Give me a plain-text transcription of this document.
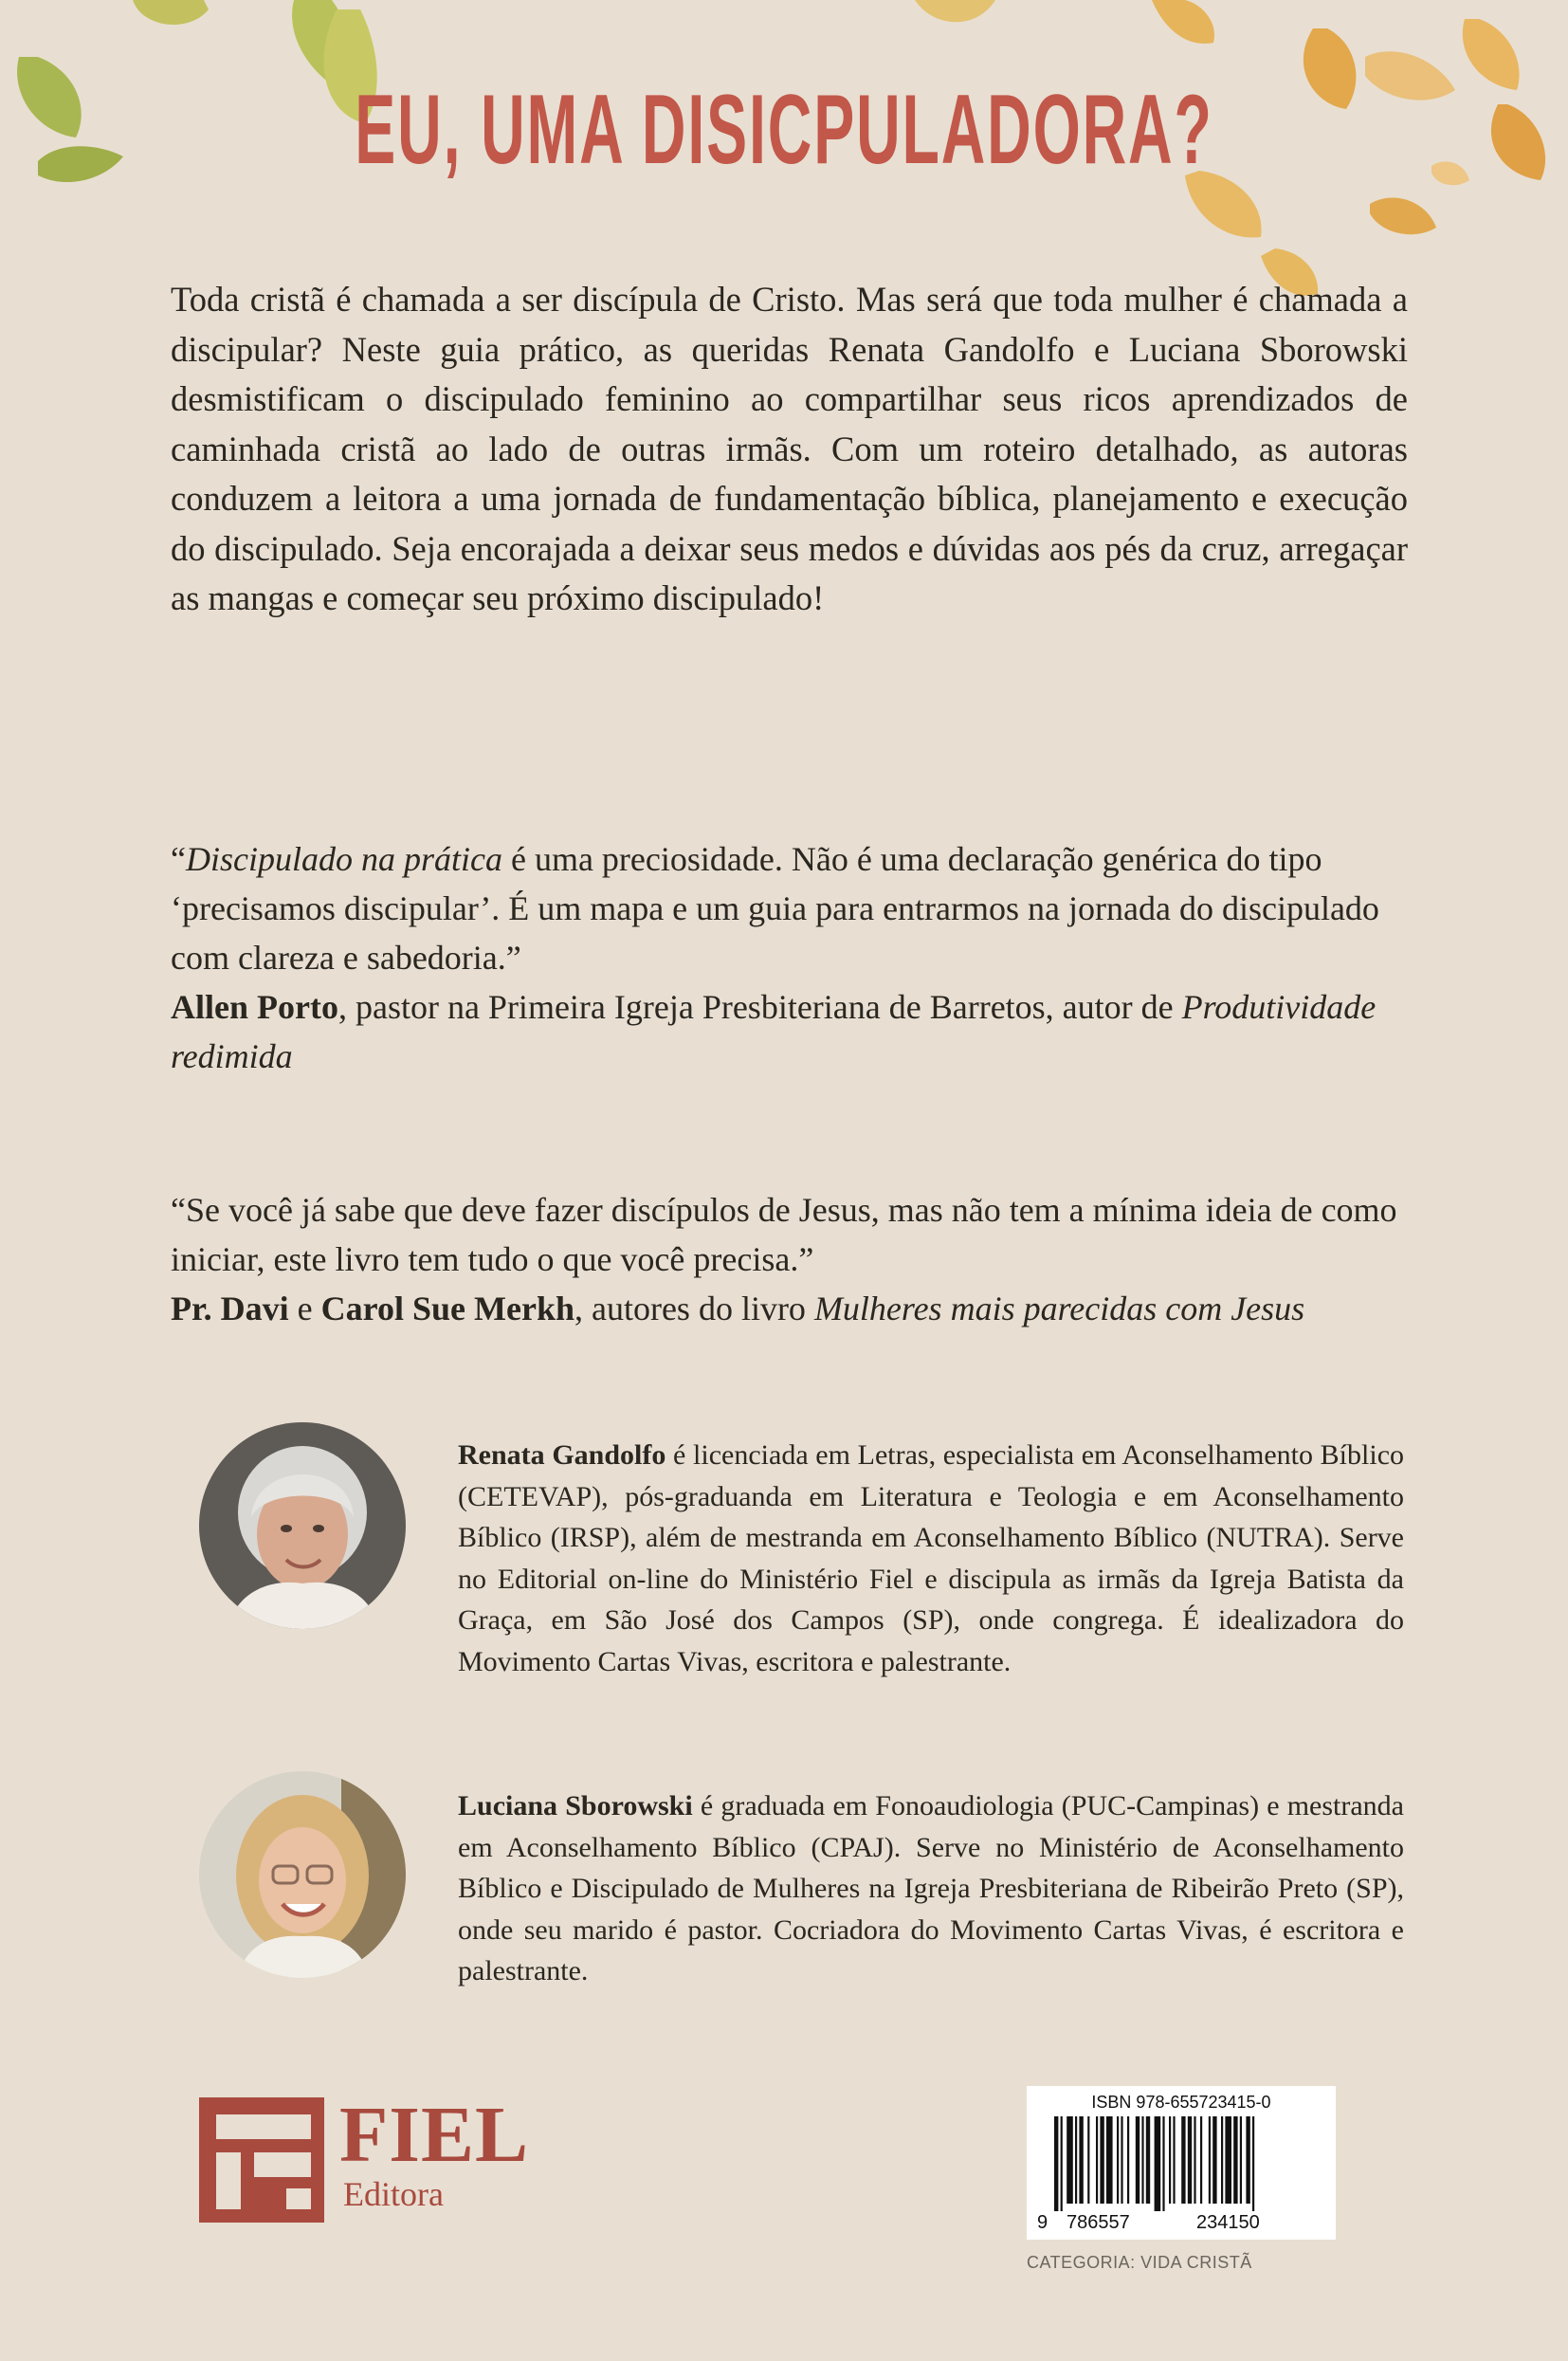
EU, UMA DISICPULADORA?

Toda cristã é chamada a ser discípula de Cristo. Mas será que toda mulher é chamada a discipular? Neste guia prático, as queridas Renata Gandolfo e Luciana Sborowski desmistificam o discipulado feminino ao compartilhar seus ricos aprendizados de caminhada cristã ao lado de outras irmãs. Com um roteiro detalhado, as autoras conduzem a leitora a uma jornada de fundamentação bíblica, planejamento e execução do discipulado. Seja encorajada a deixar seus medos e dúvidas aos pés da cruz, arregaçar as mangas e começar seu próximo discipulado!

“Discipulado na prática é uma preciosidade. Não é uma declaração genérica do tipo ‘precisamos discipular’. É um mapa e um guia para entrarmos na jornada do discipulado com clareza e sabedoria.”
Allen Porto, pastor na Primeira Igreja Presbiteriana de Barretos, autor de Produtividade redimida

“Se você já sabe que deve fazer discípulos de Jesus, mas não tem a mínima ideia de como iniciar, este livro tem tudo o que você precisa.”
Pr. Davi e Carol Sue Merkh, autores do livro Mulheres mais parecidas com Jesus

Renata Gandolfo é licenciada em Letras, especialista em Aconselhamento Bíblico (CETEVAP), pós-graduanda em Literatura e Teologia e em Aconselhamento Bíblico (IRSP), além de mestranda em Aconselhamento Bíblico (NUTRA). Serve no Editorial on-line do Ministério Fiel e discipula as irmãs da Igreja Batista da Graça, em São José dos Campos (SP), onde congrega. É idealizadora do Movimento Cartas Vivas, escritora e palestrante.

Luciana Sborowski é graduada em Fonoaudiologia (PUC-Campinas) e mestranda em Aconselhamento Bíblico (CPAJ). Serve no Ministério de Aconselhamento Bíblico e Discipulado de Mulheres na Igreja Presbiteriana de Ribeirão Preto (SP), onde seu marido é pastor. Cocriadora do Movimento Cartas Vivas, é escritora e palestrante.

FIEL
Editora
ISBN 978-655723415-0
9 786557	234150
CATEGORIA: VIDA CRISTÃ
